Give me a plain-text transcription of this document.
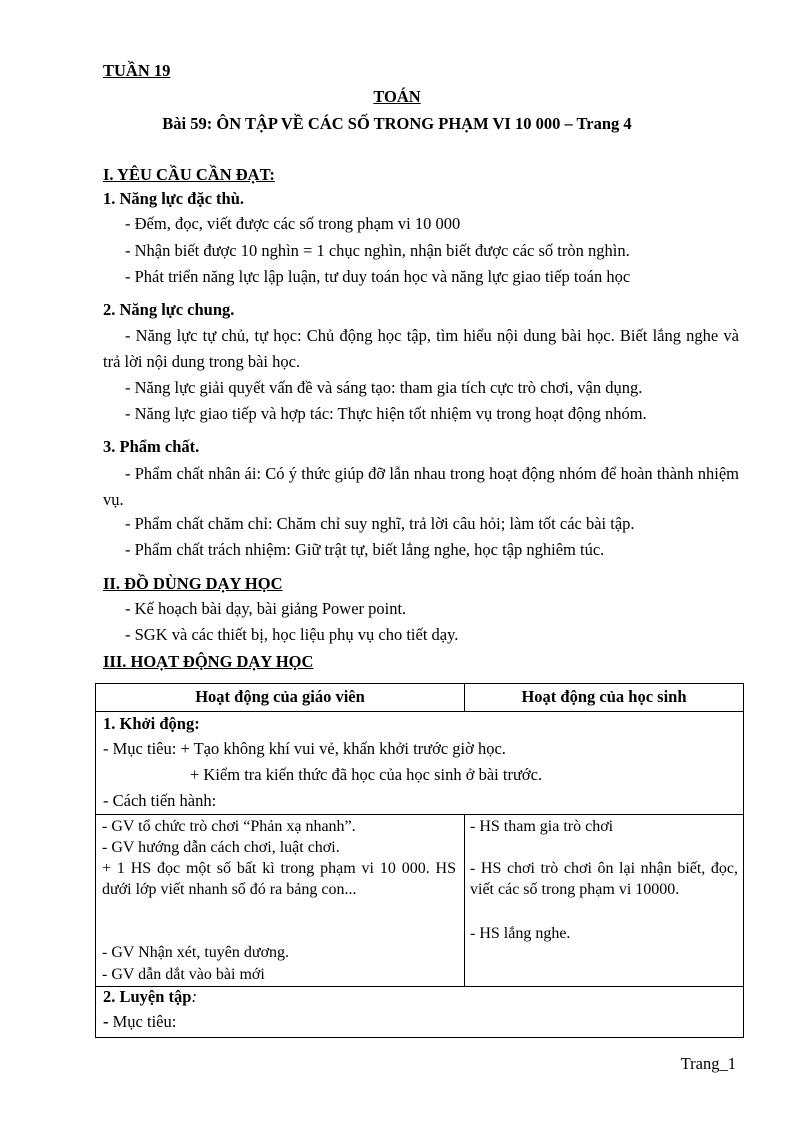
TUẦN 19
TOÁN
Bài 59: ÔN TẬP VỀ CÁC SỐ TRONG PHẠM VI 10 000 – Trang 4
I. YÊU CẦU CẦN ĐẠT:
1. Năng lực đặc thù.
- Đếm, đọc, viết được các số trong phạm vi 10 000
- Nhận biết được 10 nghìn = 1 chục nghìn, nhận biết được các số tròn nghìn.
- Phát triển năng lực lập luận, tư duy toán học và năng lực giao tiếp toán học
2. Năng lực chung.
- Năng lực tự chủ, tự học: Chủ động học tập, tìm hiểu nội dung bài học. Biết lắng nghe và trả lời nội dung trong bài học.
- Năng lực giải quyết vấn đề và sáng tạo: tham gia tích cực trò chơi, vận dụng.
- Năng lực giao tiếp và hợp tác: Thực hiện tốt nhiệm vụ trong hoạt động nhóm.
3. Phẩm chất.
- Phẩm chất nhân ái: Có ý thức giúp đỡ lẫn nhau trong hoạt động nhóm để hoàn thành nhiệm vụ.
- Phẩm chất chăm chỉ: Chăm chỉ suy nghĩ, trả lời câu hỏi; làm tốt các bài tập.
- Phẩm chất trách nhiệm: Giữ trật tự, biết lắng nghe, học tập nghiêm túc.
II. ĐỒ DÙNG DẠY HỌC
- Kế hoạch bài dạy, bài giảng Power point.
- SGK và các thiết bị, học liệu phụ vụ cho tiết dạy.
III. HOẠT ĐỘNG DẠY HỌC
Hoạt động của giáo viên	Hoạt động của học sinh
1. Khởi động:
- Mục tiêu: + Tạo không khí vui vẻ, khấn khởi trước giờ học.
+ Kiểm tra kiến thức đã học của học sinh ở bài trước.
- Cách tiến hành:
- GV tổ chức trò chơi “Phản xạ nhanh”.
- GV hướng dẫn cách chơi, luật chơi.
+ 1 HS đọc một số bất kì trong phạm vi 10 000. HS dưới lớp viết nhanh số đó ra bảng con...
- GV Nhận xét, tuyên dương.
- GV dẫn dắt vào bài mới
- HS tham gia trò chơi
- HS chơi trò chơi ôn lại nhận biết, đọc, viết các số trong phạm vi 10000.
- HS lắng nghe.
2. Luyện tập:
- Mục tiêu:
Trang_1
